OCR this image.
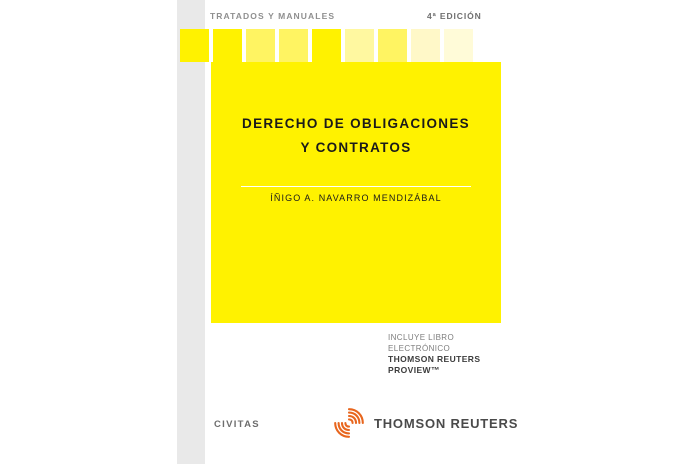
TRATADOS Y MANUALES	4ª EDICIÓN
DERECHO DE OBLIGACIONES
Y CONTRATOS
ÍÑIGO A. NAVARRO MENDIZÁBAL
INCLUYE LIBRO
ELECTRÓNICO
THOMSON REUTERS
PROVIEW™
CIVITAS	THOMSON REUTERS
